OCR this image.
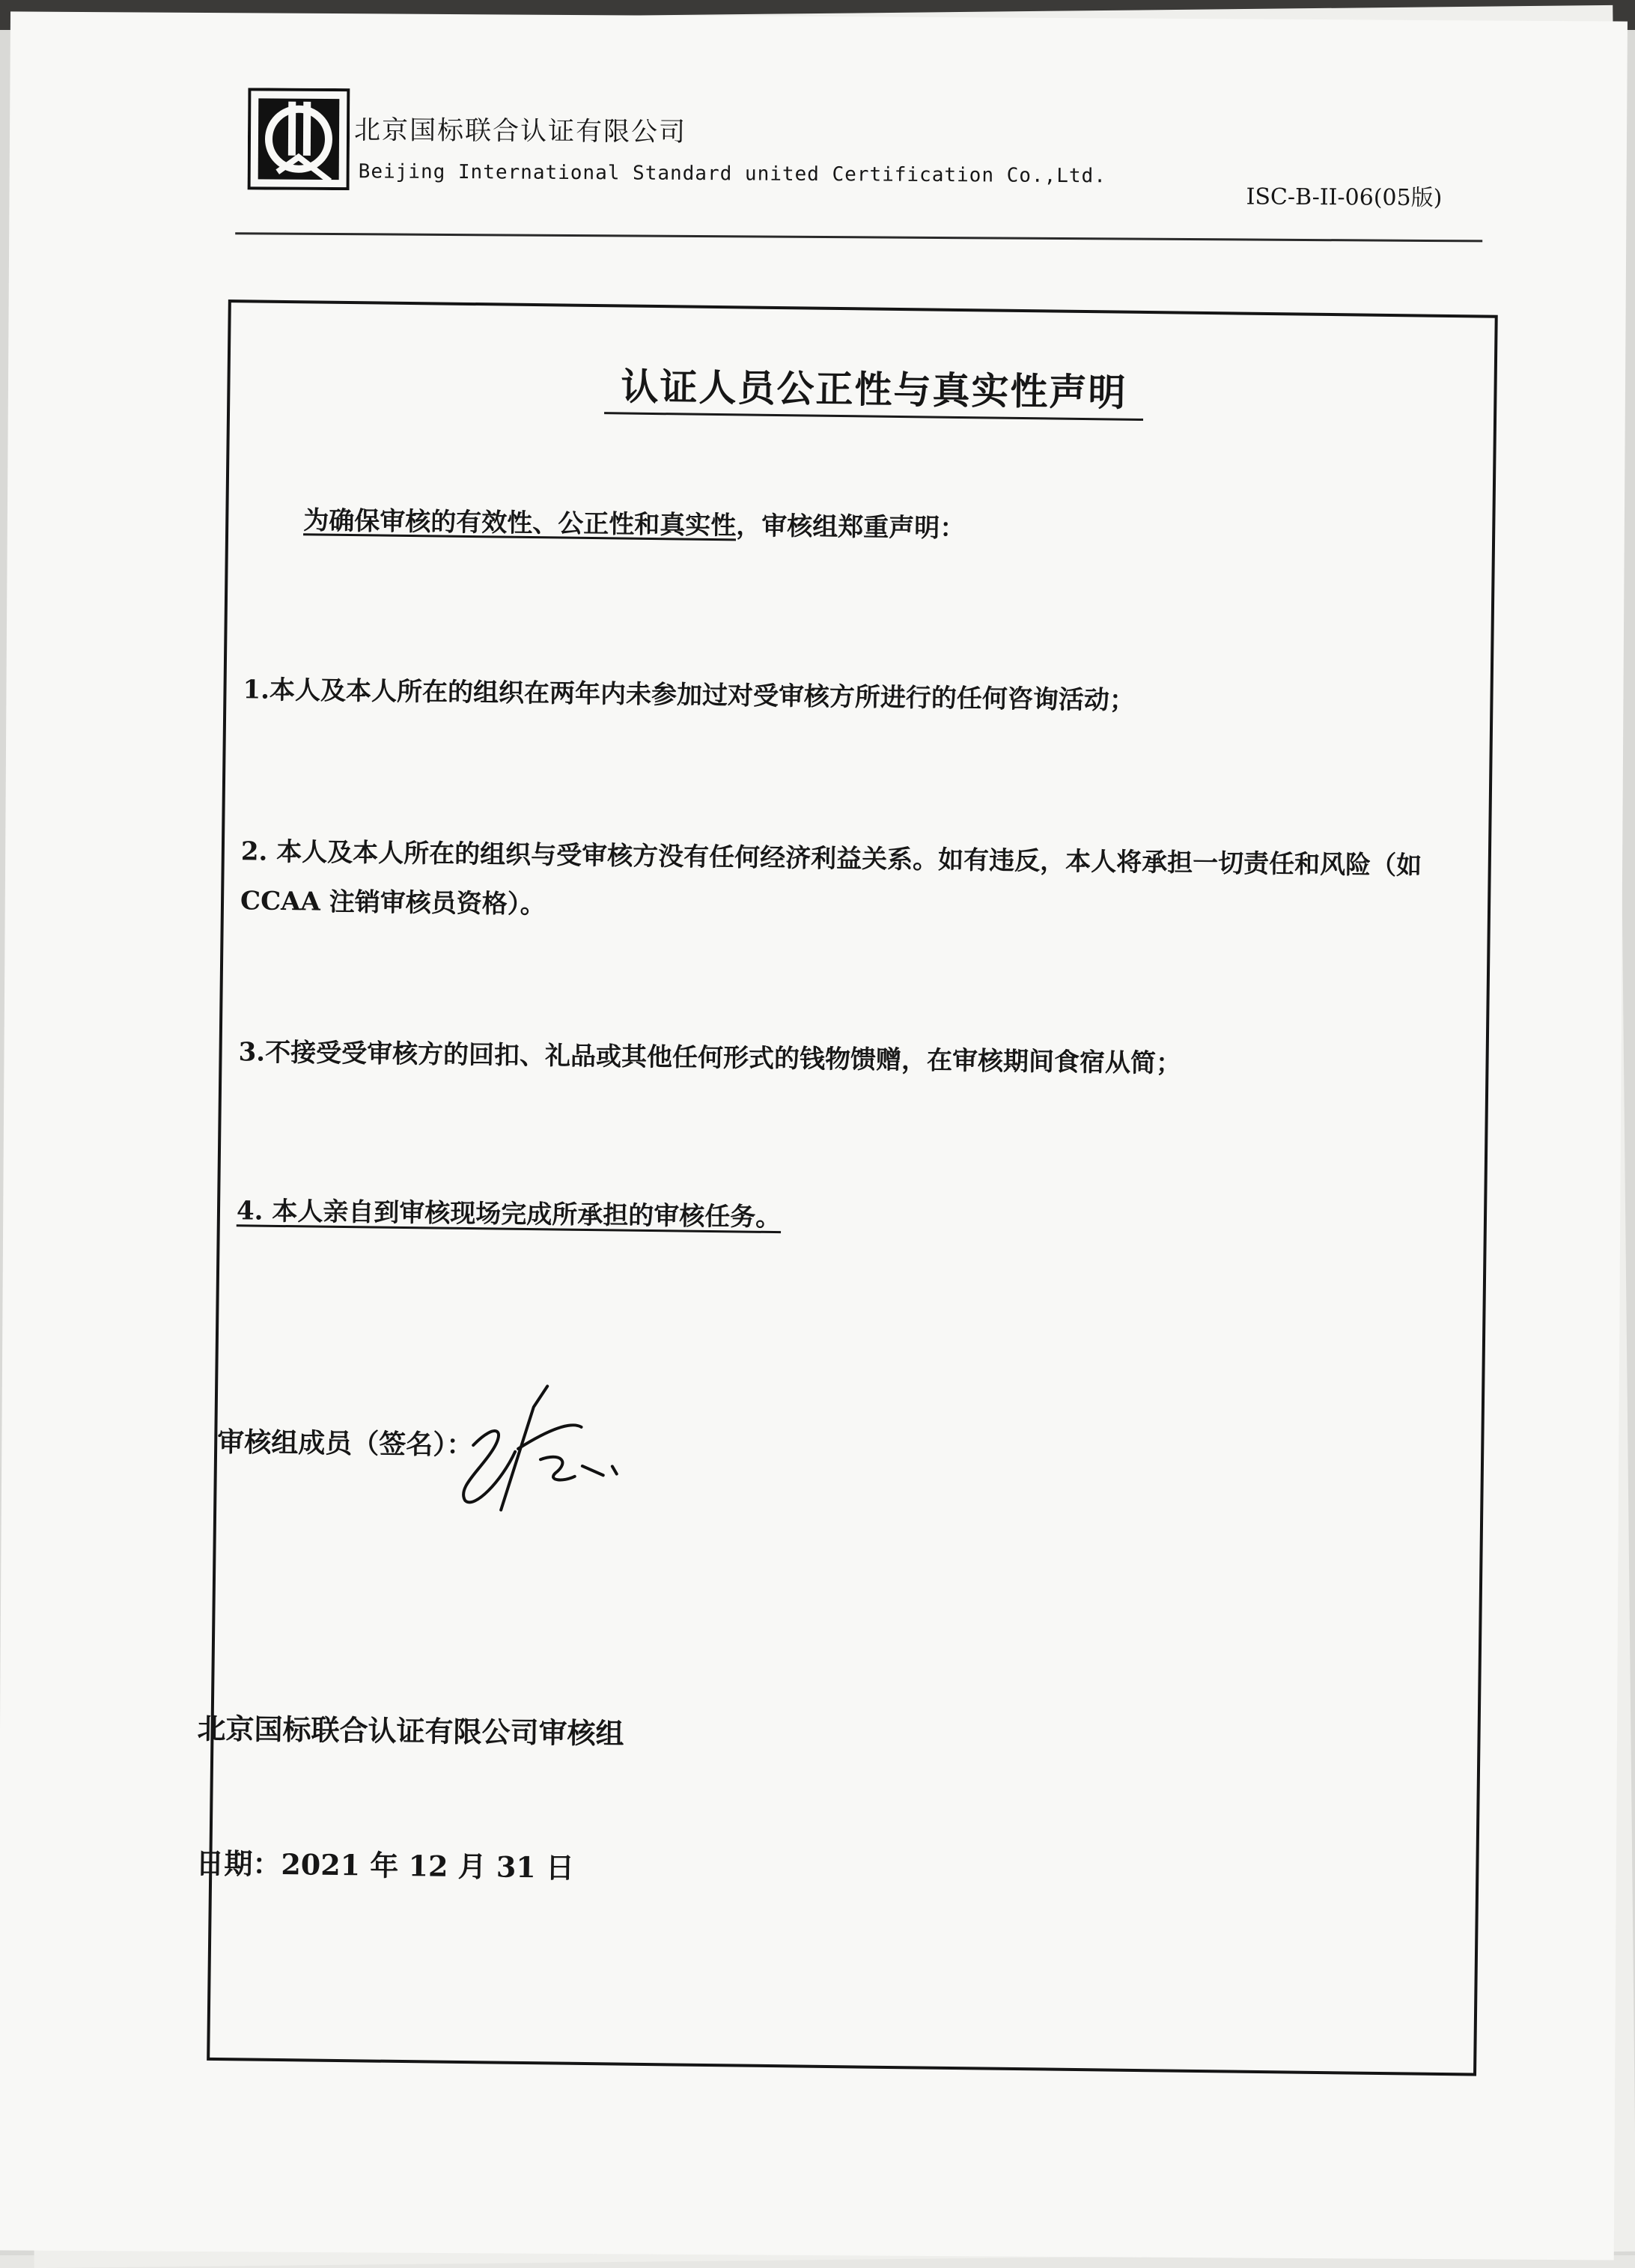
北京国标联合认证有限公司
Beijing International Standard united Certification Co.,Ltd.
ISC-B-II-06(05版)
认证人员公正性与真实性声明
为确保审核的有效性、公正性和真实性，审核组郑重声明：
1.本人及本人所在的组织在两年内未参加过对受审核方所进行的任何咨询活动；
2. 本人及本人所在的组织与受审核方没有任何经济利益关系。如有违反，本人将承担一切责任和风险（如 CCAA 注销审核员资格）。
3.不接受受审核方的回扣、礼品或其他任何形式的钱物馈赠，在审核期间食宿从简；
4. 本人亲自到审核现场完成所承担的审核任务。
审核组成员（签名）：
北京国标联合认证有限公司审核组
日期：2021 年 12 月 31 日
